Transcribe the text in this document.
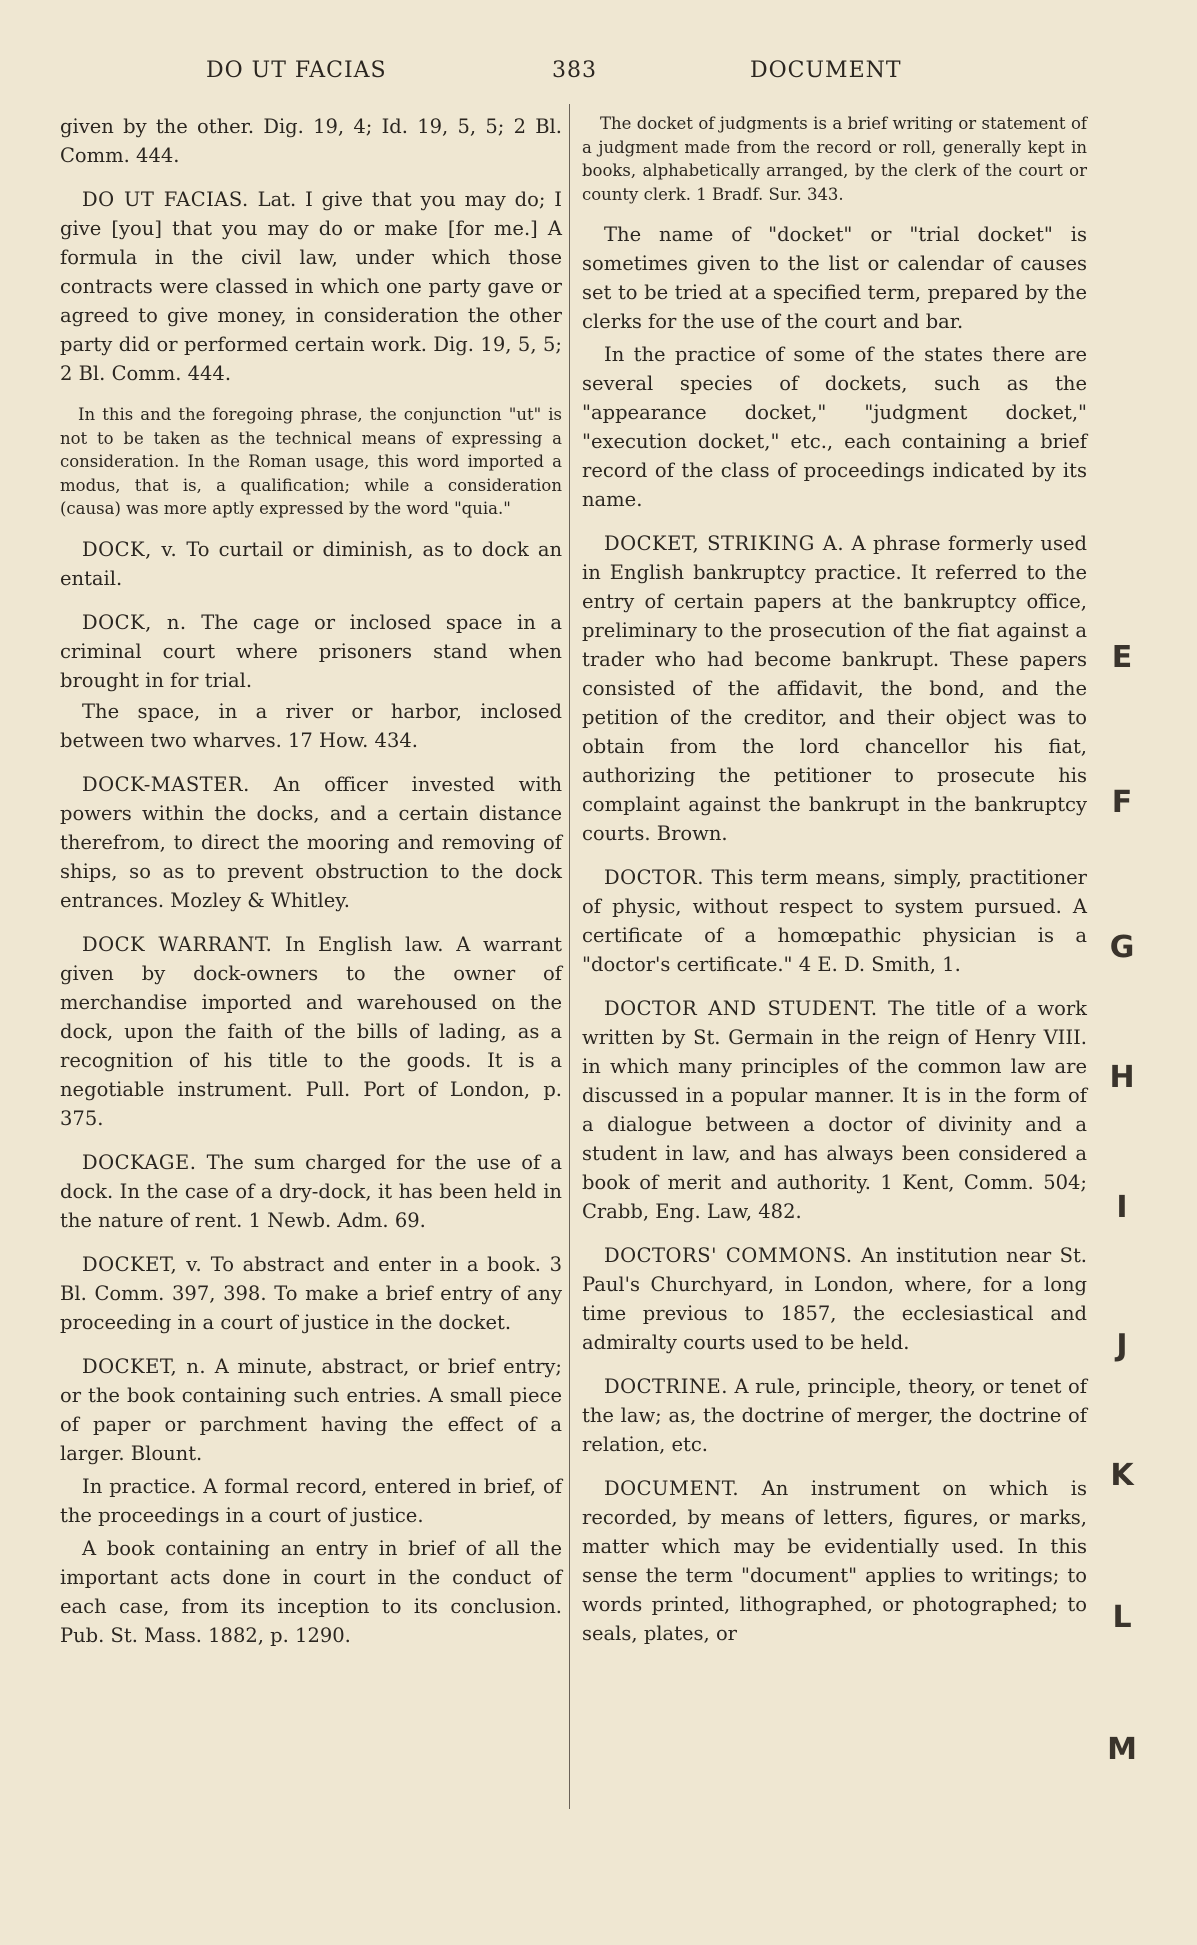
DO UT FACIAS	383	DOCUMENT

given by the other. Dig. 19, 4; Id. 19, 5, 5; 2 Bl. Comm. 444.

DO UT FACIAS. Lat. I give that you may do; I give [you] that you may do or make [for me.] A formula in the civil law, under which those contracts were classed in which one party gave or agreed to give money, in consideration the other party did or performed certain work. Dig. 19, 5, 5; 2 Bl. Comm. 444.

In this and the foregoing phrase, the conjunction "ut" is not to be taken as the technical means of expressing a consideration. In the Roman usage, this word imported a modus, that is, a qualification; while a consideration (causa) was more aptly expressed by the word "quia."

DOCK, v. To curtail or diminish, as to dock an entail.
DOCK, n. The cage or inclosed space in a criminal court where prisoners stand when brought in for trial.

The space, in a river or harbor, inclosed between two wharves. 17 How. 434.

DOCK-MASTER. An officer invested with powers within the docks, and a certain distance therefrom, to direct the mooring and removing of ships, so as to prevent obstruction to the dock entrances. Mozley & Whitley.
DOCK WARRANT. In English law. A warrant given by dock-owners to the owner of merchandise imported and warehoused on the dock, upon the faith of the bills of lading, as a recognition of his title to the goods. It is a negotiable instrument. Pull. Port of London, p. 375.
DOCKAGE. The sum charged for the use of a dock. In the case of a dry-dock, it has been held in the nature of rent. 1 Newb. Adm. 69.
DOCKET, v. To abstract and enter in a book. 3 Bl. Comm. 397, 398. To make a brief entry of any proceeding in a court of justice in the docket.
DOCKET, n. A minute, abstract, or brief entry; or the book containing such entries. A small piece of paper or parchment having the effect of a larger. Blount.

In practice. A formal record, entered in brief, of the proceedings in a court of justice.

A book containing an entry in brief of all the important acts done in court in the conduct of each case, from its inception to its conclusion. Pub. St. Mass. 1882, p. 1290.

The docket of judgments is a brief writing or statement of a judgment made from the record or roll, generally kept in books, alphabetically arranged, by the clerk of the court or county clerk. 1 Bradf. Sur. 343.

The name of "docket" or "trial docket" is sometimes given to the list or calendar of causes set to be tried at a specified term, prepared by the clerks for the use of the court and bar.

In the practice of some of the states there are several species of dockets, such as the "appearance docket," "judgment docket," "execution docket," etc., each containing a brief record of the class of proceedings indicated by its name.

DOCKET, STRIKING A. A phrase formerly used in English bankruptcy practice. It referred to the entry of certain papers at the bankruptcy office, preliminary to the prosecution of the fiat against a trader who had become bankrupt. These papers consisted of the affidavit, the bond, and the petition of the creditor, and their object was to obtain from the lord chancellor his fiat, authorizing the petitioner to prosecute his complaint against the bankrupt in the bankruptcy courts. Brown.
DOCTOR. This term means, simply, practitioner of physic, without respect to system pursued. A certificate of a homœpathic physician is a "doctor's certificate." 4 E. D. Smith, 1.
DOCTOR AND STUDENT. The title of a work written by St. Germain in the reign of Henry VIII. in which many principles of the common law are discussed in a popular manner. It is in the form of a dialogue between a doctor of divinity and a student in law, and has always been considered a book of merit and authority. 1 Kent, Comm. 504; Crabb, Eng. Law, 482.
DOCTORS' COMMONS. An institution near St. Paul's Churchyard, in London, where, for a long time previous to 1857, the ecclesiastical and admiralty courts used to be held.
DOCTRINE. A rule, principle, theory, or tenet of the law; as, the doctrine of merger, the doctrine of relation, etc.
DOCUMENT. An instrument on which is recorded, by means of letters, figures, or marks, matter which may be evidentially used. In this sense the term "document" applies to writings; to words printed, lithographed, or photographed; to seals, plates, or
E
F
G
H
I
J
K
L
M
